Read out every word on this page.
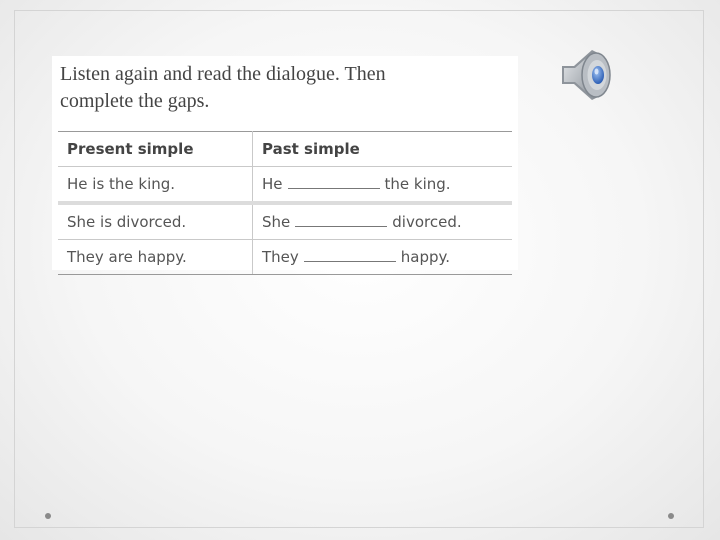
Listen again and read the dialogue. Then
complete the gaps.
Present simple	Past simple
He is the king.	He the king.
She is divorced.	She divorced.
They are happy.	They happy.
